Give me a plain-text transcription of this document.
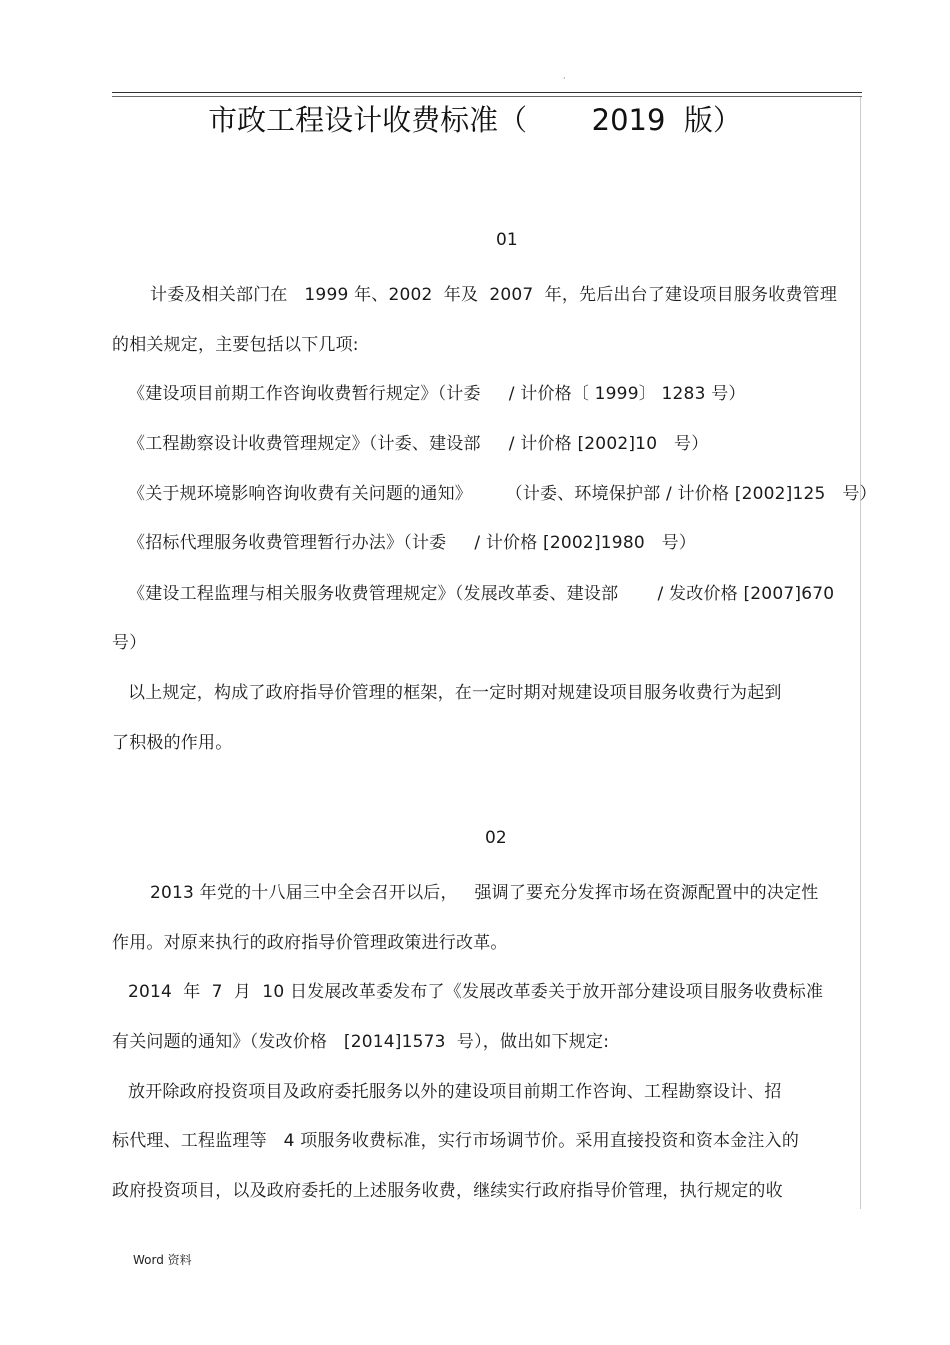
·
市政工程设计收费标准（       2019  版）
01
计委及相关部门在   1999 年、2002  年及  2007  年，先后出台了建设项目服务收费管理
的相关规定，主要包括以下几项:
《建设项目前期工作咨询收费暂行规定》（计委     / 计价格〔 1999〕 1283 号）
《工程勘察设计收费管理规定》（计委、建设部     / 计价格 [2002]10   号）
《关于规环境影响咨询收费有关问题的通知》      （计委、环境保护部 / 计价格 [2002]125   号）
《招标代理服务收费管理暂行办法》（计委     / 计价格 [2002]1980   号）
《建设工程监理与相关服务收费管理规定》（发展改革委、建设部       / 发改价格 [2007]670
号）
以上规定，构成了政府指导价管理的框架，在一定时期对规建设项目服务收费行为起到
了积极的作用。
02
2013 年党的十八届三中全会召开以后，   强调了要充分发挥市场在资源配置中的决定性
作用。对原来执行的政府指导价管理政策进行改革。
2014  年  7  月  10 日发展改革委发布了《发展改革委关于放开部分建设项目服务收费标准
有关问题的通知》（发改价格   [2014]1573  号），做出如下规定:
放开除政府投资项目及政府委托服务以外的建设项目前期工作咨询、工程勘察设计、招
标代理、工程监理等   4 项服务收费标准，实行市场调节价。采用直接投资和资本金注入的
政府投资项目，以及政府委托的上述服务收费，继续实行政府指导价管理，执行规定的收
Word 资料
